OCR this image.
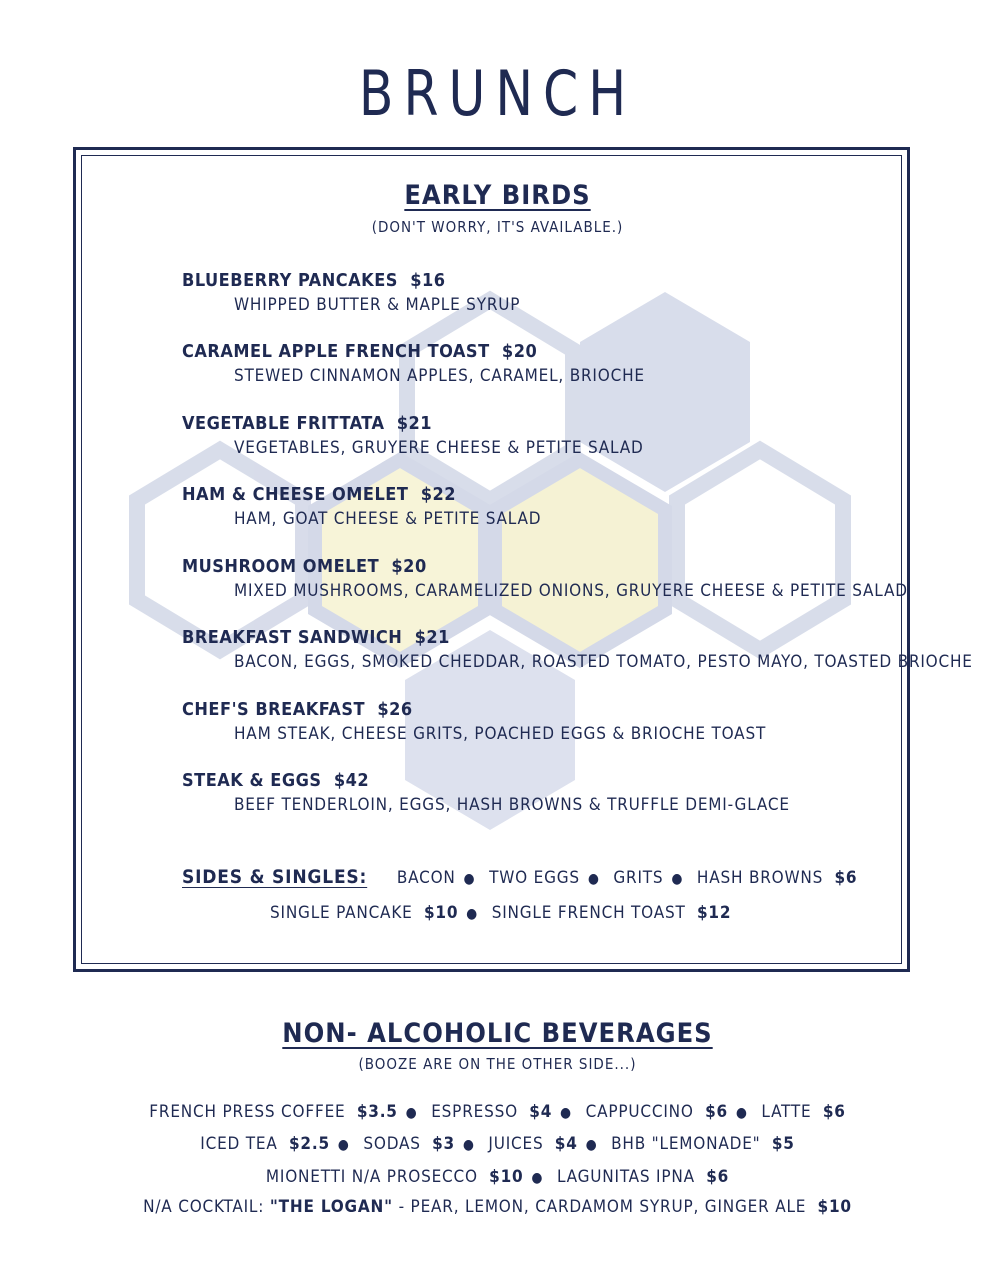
BRUNCH
EARLY BIRDS
(DON'T WORRY, IT'S AVAILABLE.)
BLUEBERRY PANCAKES $16
WHIPPED BUTTER & MAPLE SYRUP
CARAMEL APPLE FRENCH TOAST $20
STEWED CINNAMON APPLES, CARAMEL, BRIOCHE
VEGETABLE FRITTATA $21
VEGETABLES, GRUYERE CHEESE & PETITE SALAD
HAM & CHEESE OMELET $22
HAM, GOAT CHEESE & PETITE SALAD
MUSHROOM OMELET $20
MIXED MUSHROOMS, CARAMELIZED ONIONS, GRUYERE CHEESE & PETITE SALAD
BREAKFAST SANDWICH $21
BACON, EGGS, SMOKED CHEDDAR, ROASTED TOMATO, PESTO MAYO, TOASTED BRIOCHE
CHEF'S BREAKFAST $26
HAM STEAK, CHEESE GRITS, POACHED EGGS & BRIOCHE TOAST
STEAK & EGGS $42
BEEF TENDERLOIN, EGGS, HASH BROWNS & TRUFFLE DEMI-GLACE
SIDES & SINGLES: BACON ● TWO EGGS ● GRITS ● HASH BROWNS $6
SINGLE PANCAKE $10 ● SINGLE FRENCH TOAST $12
NON- ALCOHOLIC BEVERAGES
(BOOZE ARE ON THE OTHER SIDE...)
FRENCH PRESS COFFEE $3.5 ● ESPRESSO $4 ● CAPPUCCINO $6 ● LATTE $6
ICED TEA $2.5 ● SODAS $3 ● JUICES $4 ● BHB "LEMONADE" $5
MIONETTI N/A PROSECCO $10 ● LAGUNITAS IPNA $6
N/A COCKTAIL: "THE LOGAN" - PEAR, LEMON, CARDAMOM SYRUP, GINGER ALE $10
